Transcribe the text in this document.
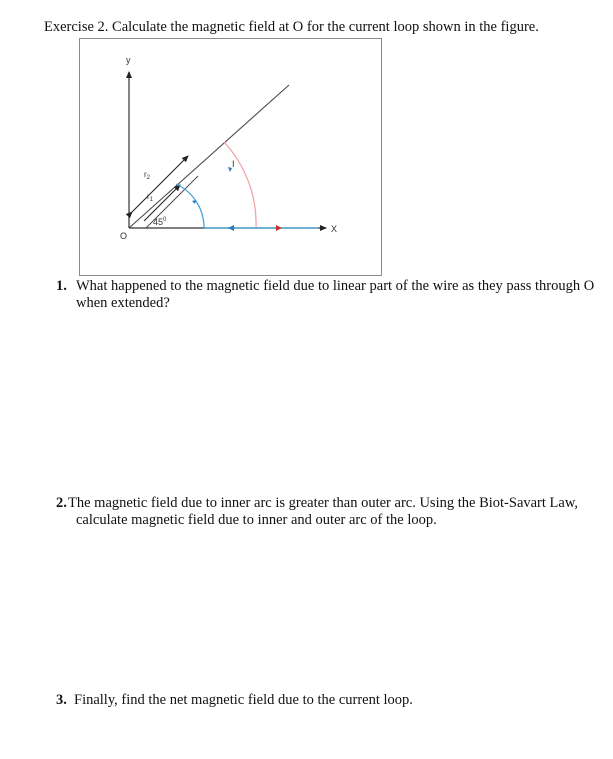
Exercise 2. Calculate the magnetic field at O for the current loop shown in the figure.
y
X
O
$r_2$
$r_1$
I
$45^0$
1. What happened to the magnetic field due to linear part of the wire as they pass through O
when extended?
2. The magnetic field due to inner arc is greater than outer arc. Using the Biot-Savart Law,
calculate magnetic field due to inner and outer arc of the loop.
3. Finally, find the net magnetic field due to the current loop.
